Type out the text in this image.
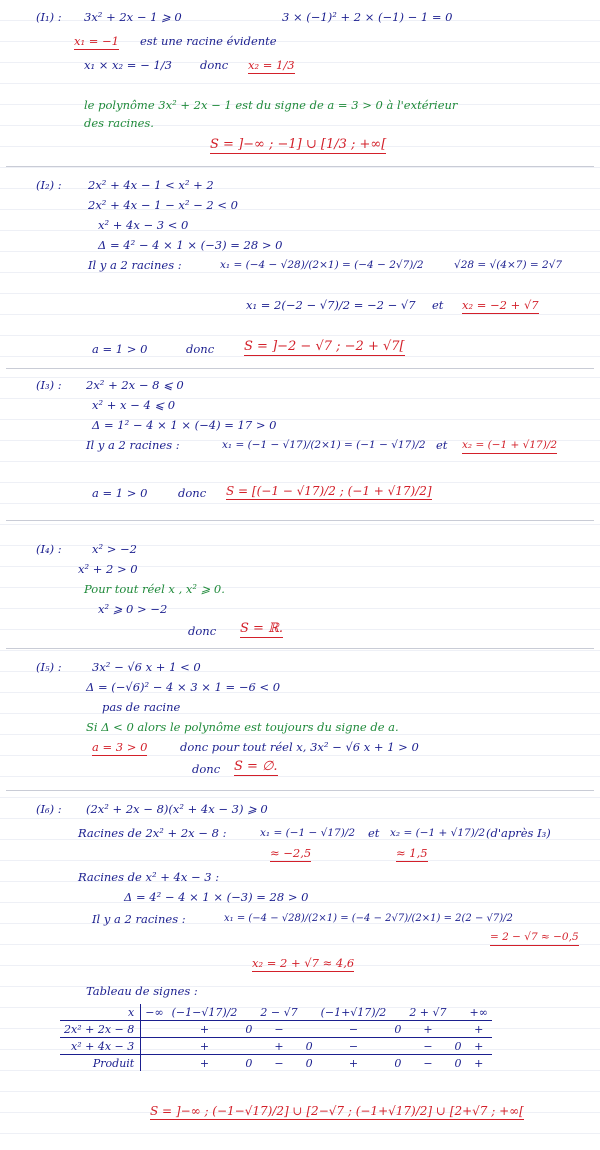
(I₁) : 3x² + 2x − 1 ⩾ 0	3 × (−1)² + 2 × (−1) − 1 = 0
x₁ = −1 est une racine évidente
x₁ × x₂ = − 1/3 donc x₂ = 1/3
le polynôme 3x² + 2x − 1 est du signe de a = 3 > 0 à l'extérieur
des racines.
S = ]−∞ ; −1] ∪ [1/3 ; +∞[
(I₂) : 2x² + 4x − 1 < x² + 2
2x² + 4x − 1 − x² − 2 < 0
x² + 4x − 3 < 0
Δ = 4² − 4 × 1 × (−3) = 28 > 0
Il y a 2 racines :	x₁ = (−4 − √28)/(2×1) = (−4 − 2√7)/2	√28 = √(4×7) = 2√7
x₁ = 2(−2 − √7)/2 = −2 − √7 et x₂ = −2 + √7
a = 1 > 0	donc S = ]−2 − √7 ; −2 + √7[
(I₃) : 2x² + 2x − 8 ⩽ 0
x² + x − 4 ⩽ 0
Δ = 1² − 4 × 1 × (−4) = 17 > 0
Il y a 2 racines :	x₁ = (−1 − √17)/(2×1) = (−1 − √17)/2 et x₂ = (−1 + √17)/2
a = 1 > 0	donc S = [(−1 − √17)/2 ; (−1 + √17)/2]
(I₄) :	x² > −2
x² + 2 > 0
Pour tout réel x , x² ⩾ 0.
x² ⩾ 0 > −2
donc S = ℝ.
(I₅) :	3x² − √6 x + 1 < 0
Δ = (−√6)² − 4 × 3 × 1 = −6 < 0
pas de racine
Si Δ < 0 alors le polynôme est toujours du signe de a.
a = 3 > 0	donc pour tout réel x, 3x² − √6 x + 1 > 0
donc S = ∅.
(I₆) : (2x² + 2x − 8)(x² + 4x − 3) ⩾ 0
Racines de 2x² + 2x − 8 :	x₁ = (−1 − √17)/2 et x₂ = (−1 + √17)/2 (d'après I₃)
≈ −2,5	≈ 1,5
Racines de x² + 4x − 3 :
Δ = 4² − 4 × 1 × (−3) = 28 > 0
Il y a 2 racines :	x₁ = (−4 − √28)/(2×1) = (−4 − 2√7)/(2×1) = 2(2 − √7)/2
= 2 − √7 ≈ −0,5
x₂ = 2 + √7 ≈ 4,6
Tableau de signes :
x	−∞	(−1−√17)/2		2 − √7		(−1+√17)/2		2 + √7		+∞
2x² + 2x − 8		+	0	−		−	0	+		+
x² + 4x − 3		+		+	0	−		−	0	+
Produit		+	0	−	0	+	0	−	0	+
S = ]−∞ ; (−1−√17)/2] ∪ [2−√7 ; (−1+√17)/2] ∪ [2+√7 ; +∞[
